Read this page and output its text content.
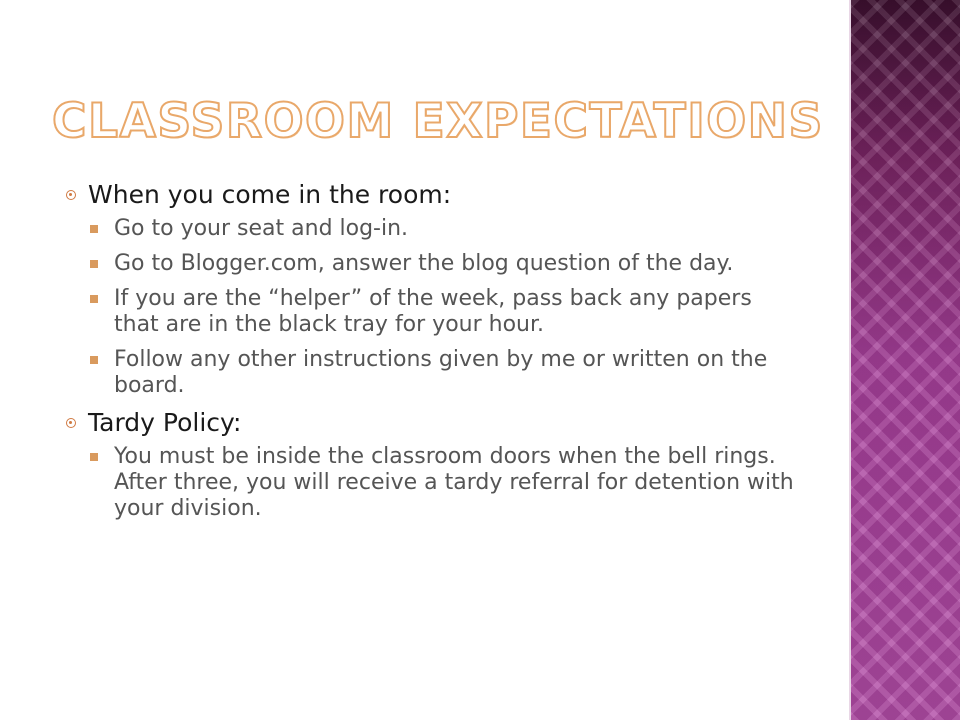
CLASSROOM EXPECTATIONS
When you come in the room:
Go to your seat and log-in.
Go to Blogger.com, answer the blog question of the day.
If you are the “helper” of the week, pass back any papers that are in the black tray for your hour.
Follow any other instructions given by me or written on the board.
Tardy Policy:
You must be inside the classroom doors when the bell rings. After three, you will receive a tardy referral for detention with your division.
